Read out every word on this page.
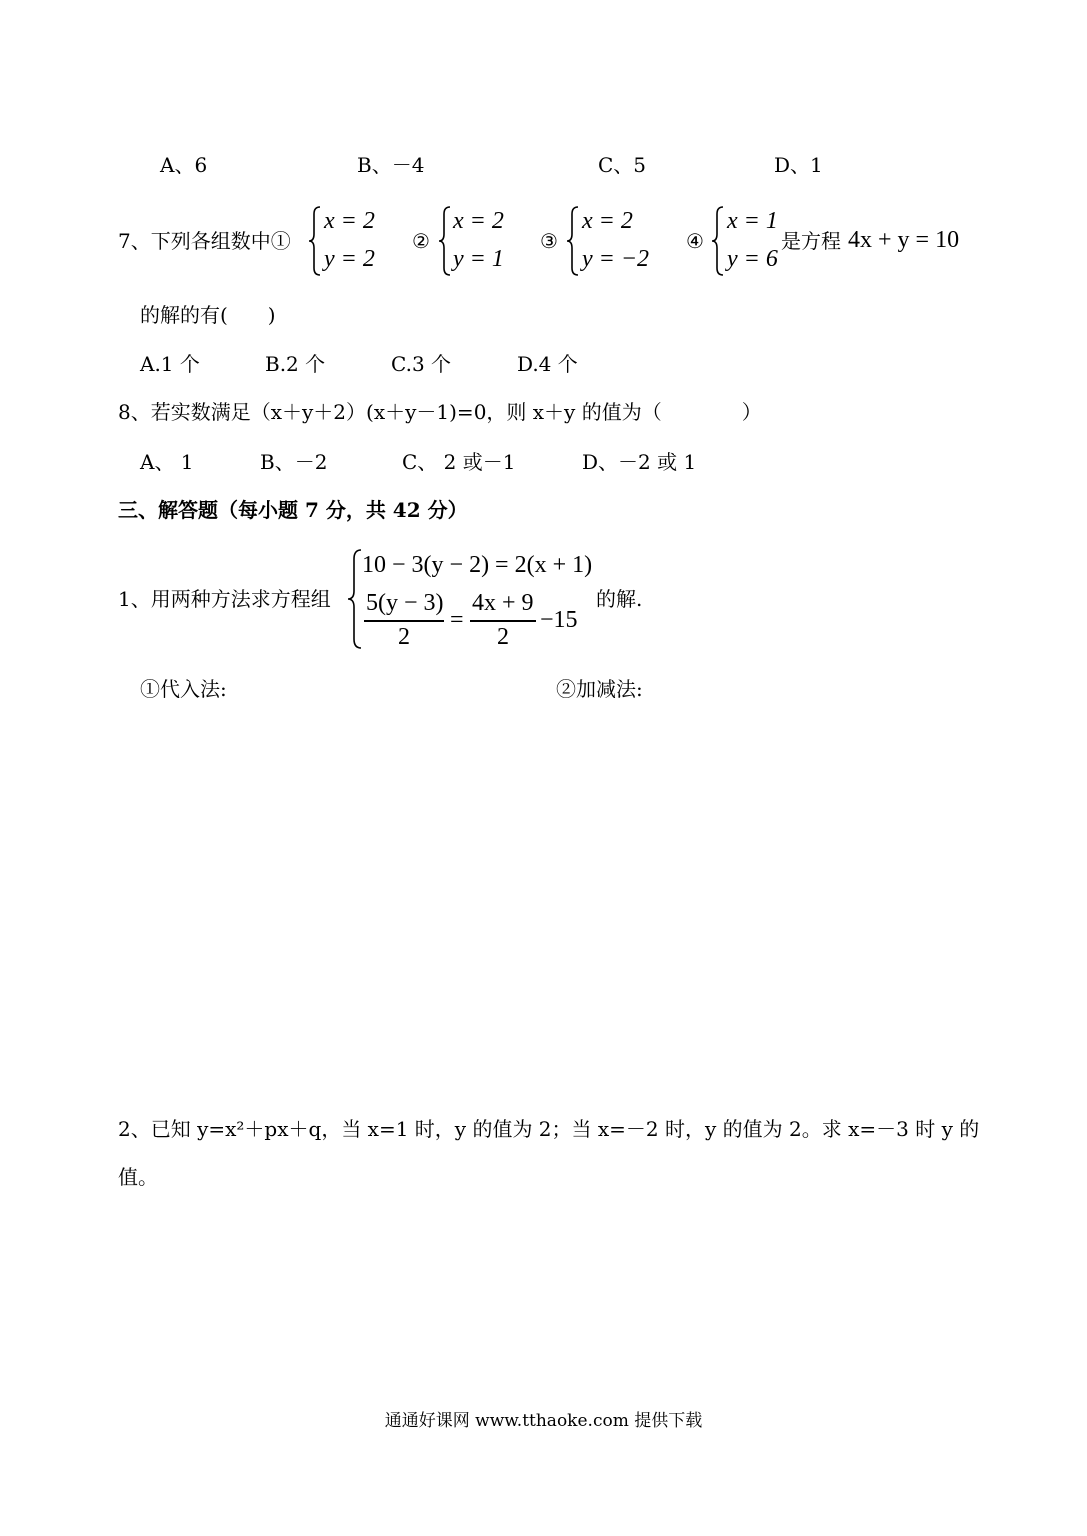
A、6	B、－4	C、5	D、1
7、下列各组数中①
x = 2
y = 2
②
x = 2
y = 1
③
x = 2
y = −2
④
x = 1
y = 6
是方程 4x + y = 10
的解的有(　　)
A.1 个	B.2 个	C.3 个	D.4 个
8、若实数满足（x＋y＋2）(x＋y－1)=0，则 x＋y 的值为（　　　　）
A、 1	B、－2	C、 2 或－1	D、－2 或 1
三、解答题（每小题 7 分，共 42 分）
1、用两种方法求方程组
10 − 3(y − 2) = 2(x + 1)
5(y − 3)
2
=
4x + 9
2
−15
的解.
①代入法:	②加减法:
2、已知 y=x²＋px＋q，当 x=1 时，y 的值为 2；当 x=－2 时，y 的值为 2。求 x=－3 时 y 的
值。
通通好课网 www.tthaoke.com 提供下载
